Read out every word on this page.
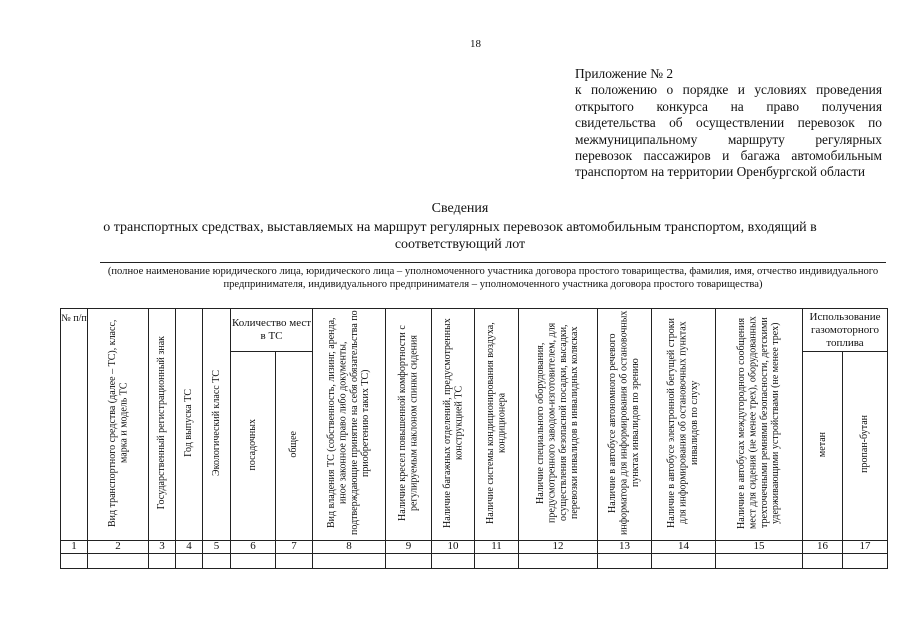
18
Приложение № 2
к положению о порядке и условиях проведения открытого конкурса на право получения свидетельства об осуществлении перевозок по межмуниципальному маршруту регулярных перевозок пассажиров и багажа автомобильным транспортом на территории Оренбургской области
Сведения
о транспортных средствах, выставляемых на маршрут регулярных перевозок автомобильным транспортом, входящий в соответствующий лот
(полное наименование юридического лица, юридического лица – уполномоченного участника договора простого товарищества, фамилия, имя, отчество индивидуального предпринимателя, индивидуального предпринимателя – уполномоченного участника договора простого товарищества)
№ п/п	Вид транспортного средства (далее – ТС), класс, марка и модель ТС	Государственный регистрационный знак	Год выпуска ТС	Экологический класс ТС	Количество мест в ТС		Вид владения ТС (собственность, лизинг, аренда, иное законное право либо документы, подтверждающие принятие на себя обязательства по приобретению таких ТС)	Наличие кресел повышенной комфортности с регулируемым наклоном спинки сидения	Наличие багажных отделений, предусмотренных конструкцией ТС	Наличие системы кондиционирования воздуха, кондиционера	Наличие специального оборудования, предусмотренного заводом-изготовителем, для осуществления безопасной посадки, высадки, перевозки инвалидов в инвалидных колясках	Наличие в автобусе автономного речевого информатора для информирования об остановочных пунктах инвалидов по зрению	Наличие в автобусе электронной бегущей строки для информирования об остановочных пунктах инвалидов по слуху	Наличие в автобусах междугородного сообщения мест для сидения (не менее трех), оборудованных трехточечными ремнями безопасности, детскими удерживающими устройствами (не менее трех)	Использование газомоторного топлива	
					посадочных	общее									метан	пропан-бутан
1	2	3	4	5	6	7	8	9	10	11	12	13	14	15	16	17
